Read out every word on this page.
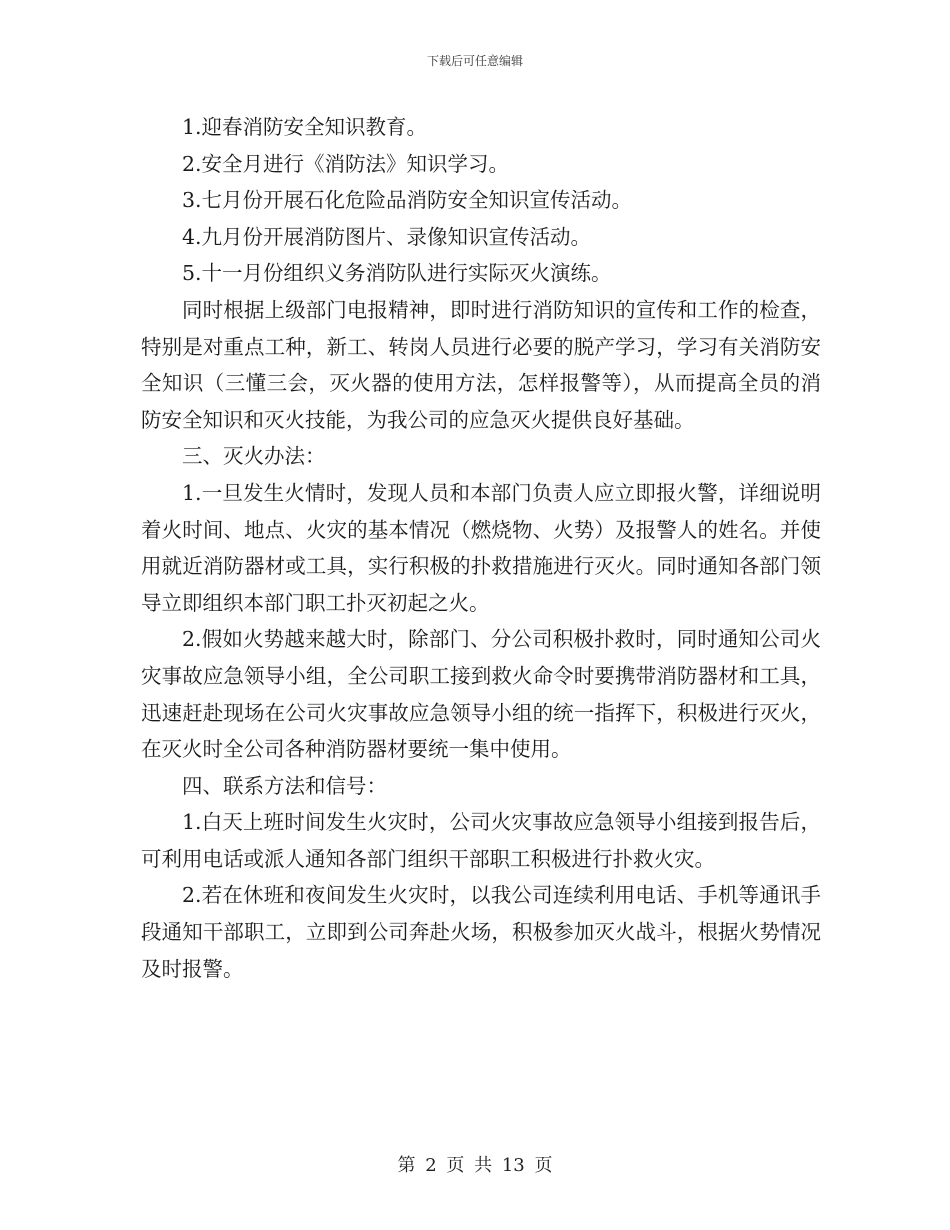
下载后可任意编辑

1.迎春消防安全知识教育。

2.安全月进行《消防法》知识学习。

3.七月份开展石化危险品消防安全知识宣传活动。

4.九月份开展消防图片、录像知识宣传活动。

5.十一月份组织义务消防队进行实际灭火演练。

同时根据上级部门电报精神，即时进行消防知识的宣传和工作的检查，特别是对重点工种，新工、转岗人员进行必要的脱产学习，学习有关消防安全知识（三懂三会，灭火器的使用方法，怎样报警等），从而提高全员的消防安全知识和灭火技能，为我公司的应急灭火提供良好基础。

三、灭火办法：

1.一旦发生火情时，发现人员和本部门负责人应立即报火警，详细说明着火时间、地点、火灾的基本情况（燃烧物、火势）及报警人的姓名。并使用就近消防器材或工具，实行积极的扑救措施进行灭火。同时通知各部门领导立即组织本部门职工扑灭初起之火。

2.假如火势越来越大时，除部门、分公司积极扑救时，同时通知公司火灾事故应急领导小组，全公司职工接到救火命令时要携带消防器材和工具，迅速赶赴现场在公司火灾事故应急领导小组的统一指挥下，积极进行灭火，在灭火时全公司各种消防器材要统一集中使用。

四、联系方法和信号：

1.白天上班时间发生火灾时，公司火灾事故应急领导小组接到报告后，可利用电话或派人通知各部门组织干部职工积极进行扑救火灾。

2.若在休班和夜间发生火灾时，以我公司连续利用电话、手机等通讯手段通知干部职工，立即到公司奔赴火场，积极参加灭火战斗，根据火势情况及时报警。

第 2 页 共 13 页
